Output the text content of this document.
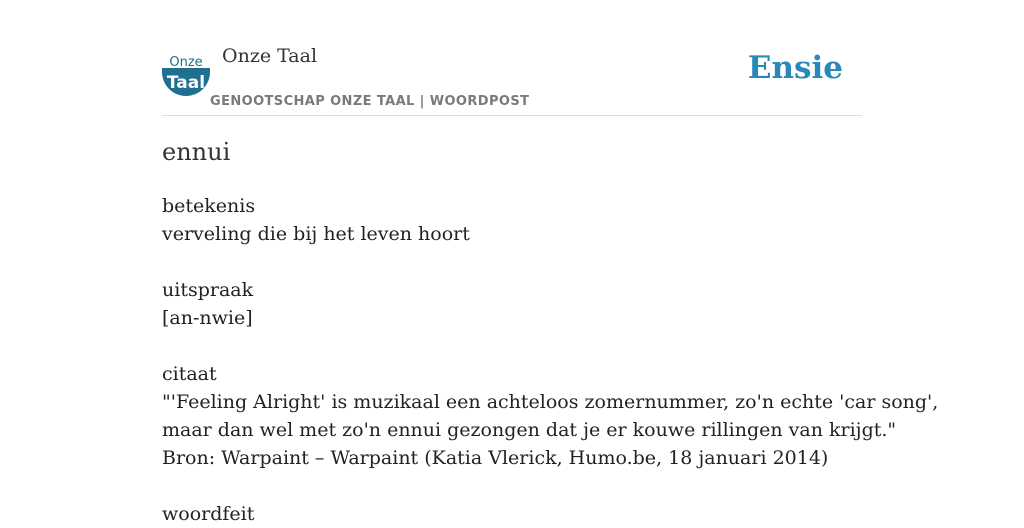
Onze
Taal
Onze Taal
GENOOTSCHAP ONZE TAAL | WOORDPOST
Ensie
ennui
betekenis
verveling die bij het leven hoort
uitspraak
[an-nwie]
citaat
"'Feeling Alright' is muzikaal een achteloos zomernummer, zo'n echte 'car song',
maar dan wel met zo'n ennui gezongen dat je er kouwe rillingen van krijgt."
Bron: Warpaint – Warpaint (Katia Vlerick, Humo.be, 18 januari 2014)
woordfeit
